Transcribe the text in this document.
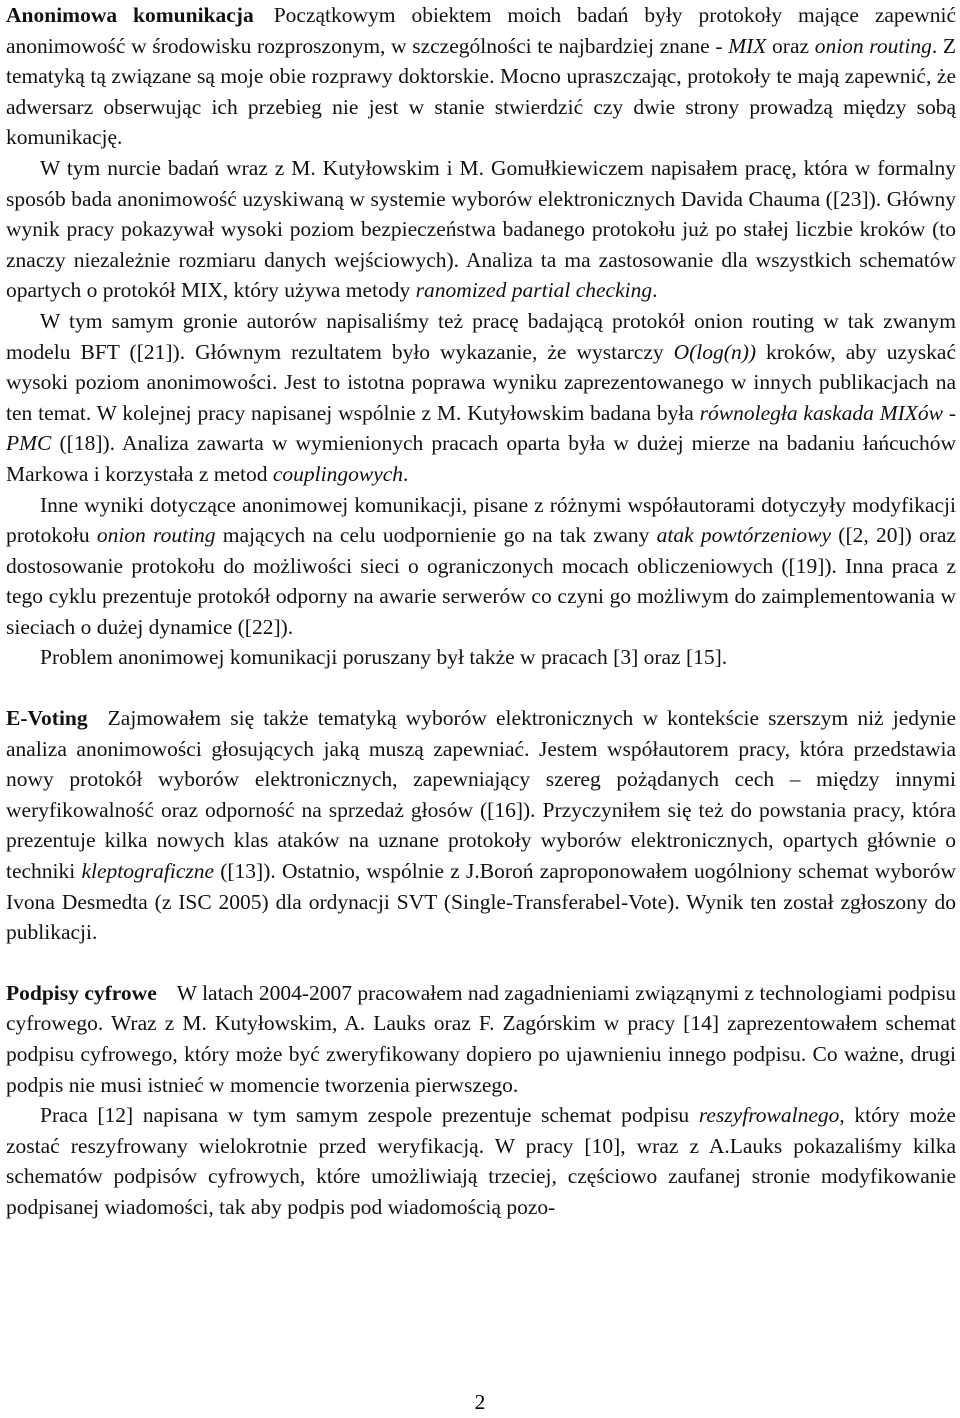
Anonimowa komunikacja Początkowym obiektem moich badań były protokoły mające zapewnić anonimowość w środowisku rozproszonym, w szczególności te najbardziej znane - MIX oraz onion routing. Z tematyką tą związane są moje obie rozprawy doktorskie. Mocno upraszczając, protokoły te mają zapewnić, że adwersarz obserwując ich przebieg nie jest w stanie stwierdzić czy dwie strony prowadzą między sobą komunikację.

W tym nurcie badań wraz z M. Kutyłowskim i M. Gomułkiewiczem napisałem pracę, która w formalny sposób bada anonimowość uzyskiwaną w systemie wyborów elektronicznych Davida Chauma ([23]). Główny wynik pracy pokazywał wysoki poziom bezpieczeństwa badanego protokołu już po stałej liczbie kroków (to znaczy niezależnie rozmiaru danych wejściowych). Analiza ta ma zastosowanie dla wszystkich schematów opartych o protokół MIX, który używa metody ranomized partial checking.

W tym samym gronie autorów napisaliśmy też pracę badającą protokół onion routing w tak zwanym modelu BFT ([21]). Głównym rezultatem było wykazanie, że wystarczy O(log(n)) kroków, aby uzyskać wysoki poziom anonimowości. Jest to istotna poprawa wyniku zaprezentowanego w innych publikacjach na ten temat. W kolejnej pracy napisanej wspólnie z M. Kutyłowskim badana była równoległa kaskada MIXów -PMC ([18]). Analiza zawarta w wymienionych pracach oparta była w dużej mierze na badaniu łańcuchów Markowa i korzystała z metod couplingowych.

Inne wyniki dotyczące anonimowej komunikacji, pisane z różnymi współautorami dotyczyły modyfikacji protokołu onion routing mających na celu uodpornienie go na tak zwany atak powtórzeniowy ([2, 20]) oraz dostosowanie protokołu do możliwości sieci o ograniczonych mocach obliczeniowych ([19]). Inna praca z tego cyklu prezentuje protokół odporny na awarie serwerów co czyni go możliwym do zaimplementowania w sieciach o dużej dynamice ([22]).

Problem anonimowej komunikacji poruszany był także w pracach [3] oraz [15].

E-Voting Zajmowałem się także tematyką wyborów elektronicznych w kontekście szerszym niż jedynie analiza anonimowości głosujących jaką muszą zapewniać. Jestem współautorem pracy, która przedstawia nowy protokół wyborów elektronicznych, zapewniający szereg pożądanych cech – między innymi weryfikowalność oraz odporność na sprzedaż głosów ([16]). Przyczyniłem się też do powstania pracy, która prezentuje kilka nowych klas ataków na uznane protokoły wyborów elektronicznych, opartych głównie o techniki kleptograficzne ([13]). Ostatnio, wspólnie z J.Boroń zaproponowałem uogólniony schemat wyborów Ivona Desmedta (z ISC 2005) dla ordynacji SVT (Single-Transferabel-Vote). Wynik ten został zgłoszony do publikacji.

Podpisy cyfrowe W latach 2004-2007 pracowałem nad zagadnieniami związąnymi z technologiami podpisu cyfrowego. Wraz z M. Kutyłowskim, A. Lauks oraz F. Zagórskim w pracy [14] zaprezentowałem schemat podpisu cyfrowego, który może być zweryfikowany dopiero po ujawnieniu innego podpisu. Co ważne, drugi podpis nie musi istnieć w momencie tworzenia pierwszego.

Praca [12] napisana w tym samym zespole prezentuje schemat podpisu reszyfrowalnego, który może zostać reszyfrowany wielokrotnie przed weryfikacją. W pracy [10], wraz z A.Lauks pokazaliśmy kilka schematów podpisów cyfrowych, które umożliwiają trzeciej, częściowo zaufanej stronie modyfikowanie podpisanej wiadomości, tak aby podpis pod wiadomością pozo-

2
